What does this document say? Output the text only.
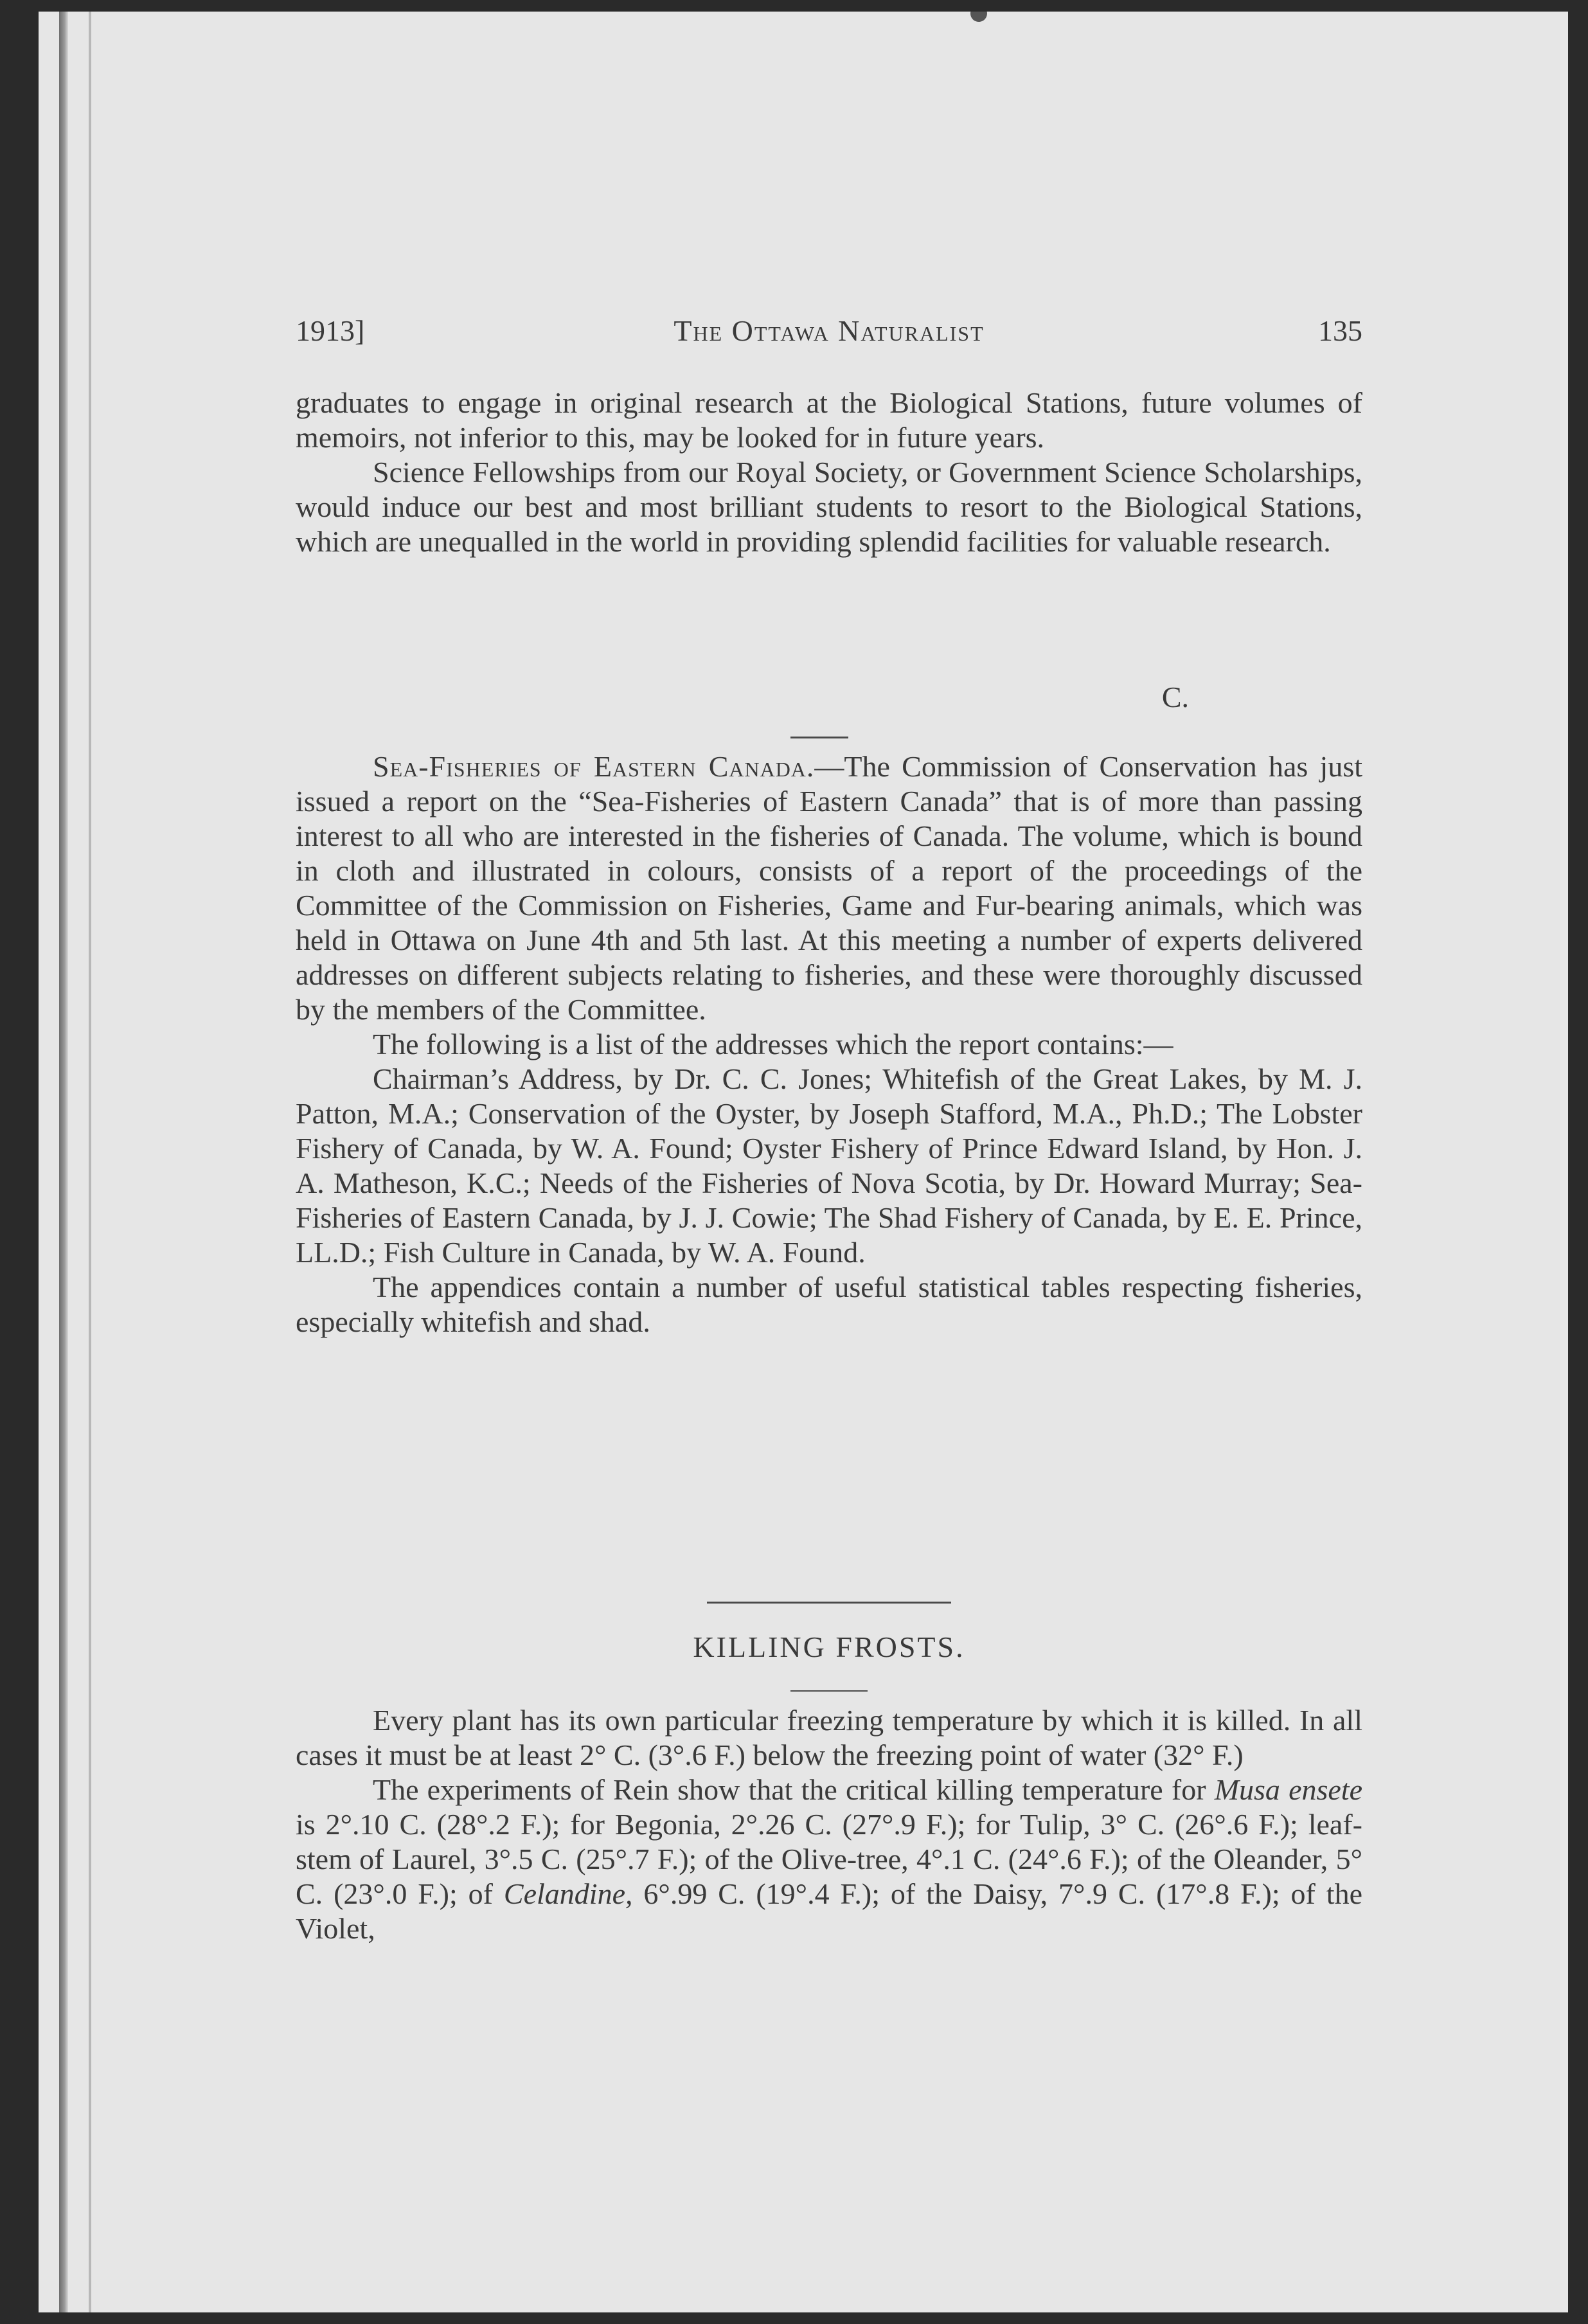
1913]	The Ottawa Naturalist	135

graduates to engage in original research at the Biological Stations, future volumes of memoirs, not inferior to this, may be looked for in future years.

Science Fellowships from our Royal Society, or Government Science Scholarships, would induce our best and most brilliant students to resort to the Biological Stations, which are unequalled in the world in providing splendid facilities for valuable research.

C.

Sea-Fisheries of Eastern Canada.—The Commission of Conservation has just issued a report on the “Sea-Fisheries of Eastern Canada” that is of more than passing interest to all who are interested in the fisheries of Canada. The volume, which is bound in cloth and illustrated in colours, consists of a report of the proceedings of the Committee of the Commission on Fisheries, Game and Fur-bearing animals, which was held in Ottawa on June 4th and 5th last. At this meeting a number of experts delivered addresses on different subjects relating to fisheries, and these were thoroughly discussed by the members of the Committee.

The following is a list of the addresses which the report contains:—

Chairman’s Address, by Dr. C. C. Jones; Whitefish of the Great Lakes, by M. J. Patton, M.A.; Conservation of the Oyster, by Joseph Stafford, M.A., Ph.D.; The Lobster Fishery of Canada, by W. A. Found; Oyster Fishery of Prince Edward Island, by Hon. J. A. Matheson, K.C.; Needs of the Fisheries of Nova Scotia, by Dr. Howard Murray; Sea-Fisheries of Eastern Canada, by J. J. Cowie; The Shad Fishery of Canada, by E. E. Prince, LL.D.; Fish Culture in Canada, by W. A. Found.

The appendices contain a number of useful statistical tables respecting fisheries, especially whitefish and shad.

KILLING FROSTS.

Every plant has its own particular freezing temperature by which it is killed. In all cases it must be at least 2° C. (3°.6 F.) below the freezing point of water (32° F.)

The experiments of Rein show that the critical killing temperature for Musa ensete is 2°.10 C. (28°.2 F.); for Begonia, 2°.26 C. (27°.9 F.); for Tulip, 3° C. (26°.6 F.); leaf-stem of Laurel, 3°.5 C. (25°.7 F.); of the Olive-tree, 4°.1 C. (24°.6 F.); of the Oleander, 5° C. (23°.0 F.); of Celandine, 6°.99 C. (19°.4 F.); of the Daisy, 7°.9 C. (17°.8 F.); of the Violet,
